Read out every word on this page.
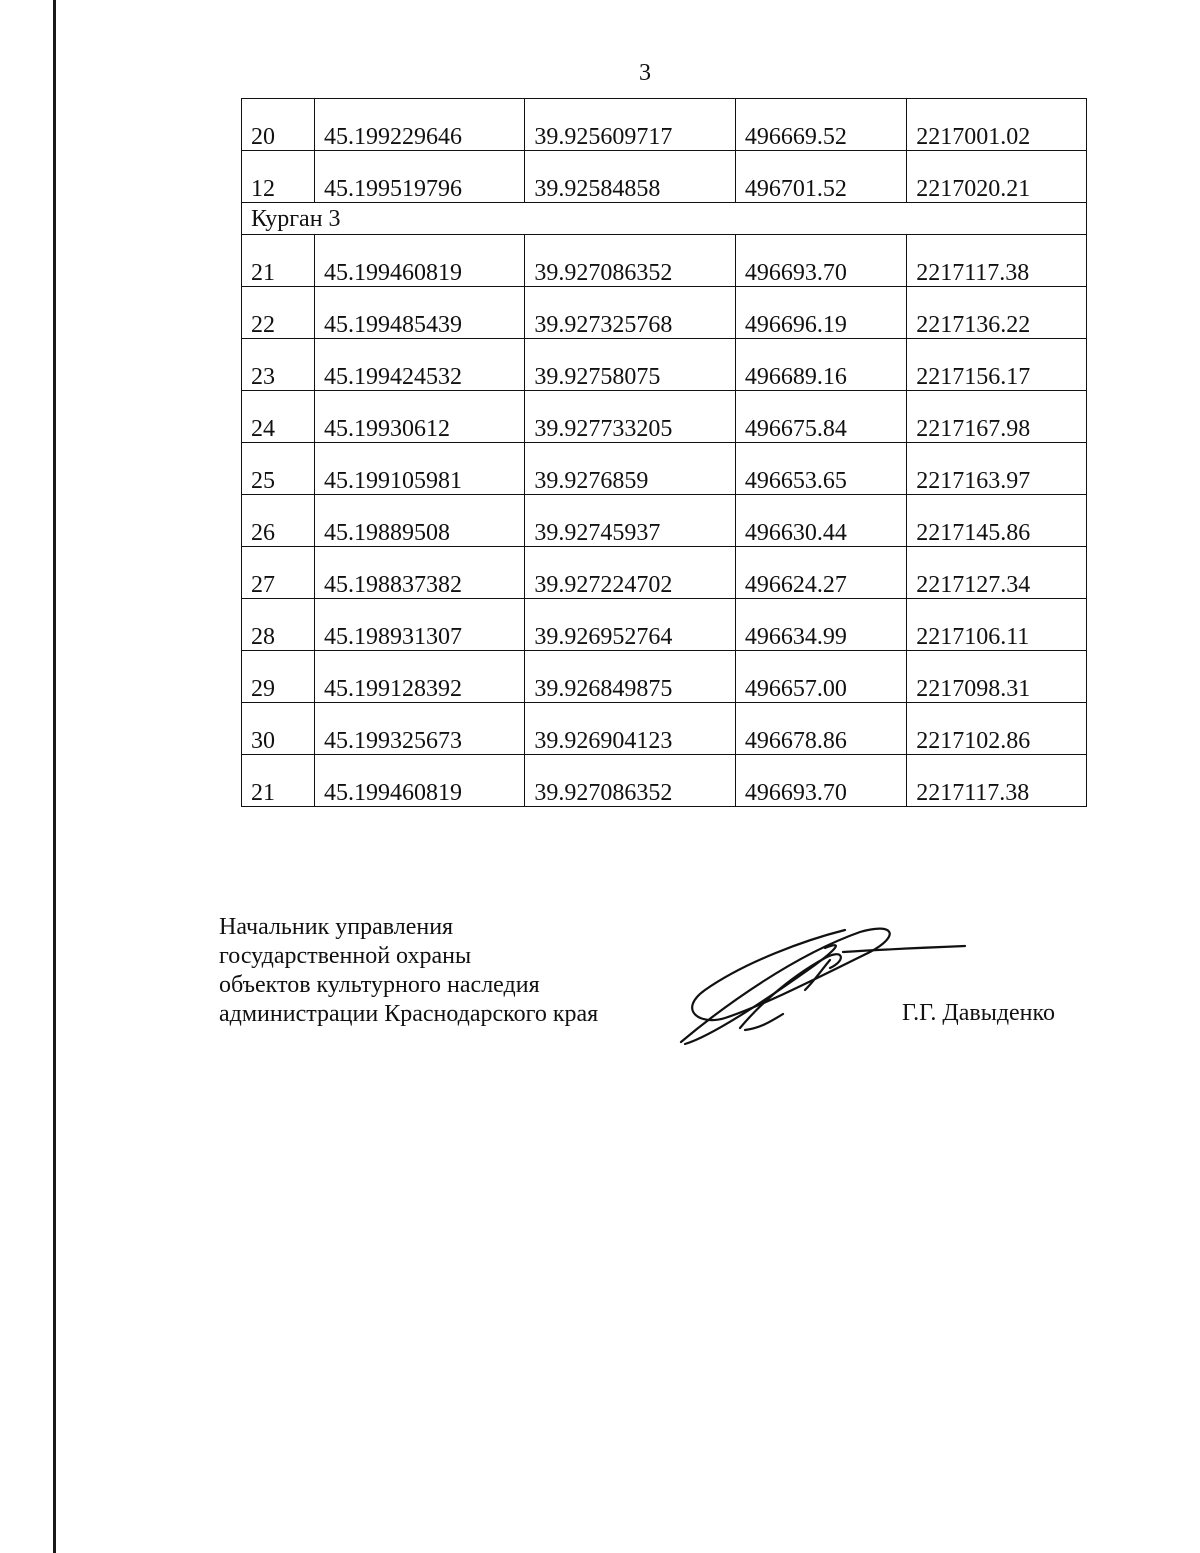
3
20	45.199229646	39.925609717	496669.52	2217001.02
12	45.199519796	39.92584858	496701.52	2217020.21
Курган 3				
21	45.199460819	39.927086352	496693.70	2217117.38
22	45.199485439	39.927325768	496696.19	2217136.22
23	45.199424532	39.92758075	496689.16	2217156.17
24	45.19930612	39.927733205	496675.84	2217167.98
25	45.199105981	39.9276859	496653.65	2217163.97
26	45.19889508	39.92745937	496630.44	2217145.86
27	45.198837382	39.927224702	496624.27	2217127.34
28	45.198931307	39.926952764	496634.99	2217106.11
29	45.199128392	39.926849875	496657.00	2217098.31
30	45.199325673	39.926904123	496678.86	2217102.86
21	45.199460819	39.927086352	496693.70	2217117.38
Начальник управления
государственной охраны
объектов культурного наследия
администрации Краснодарского края	Г.Г. Давыденко
